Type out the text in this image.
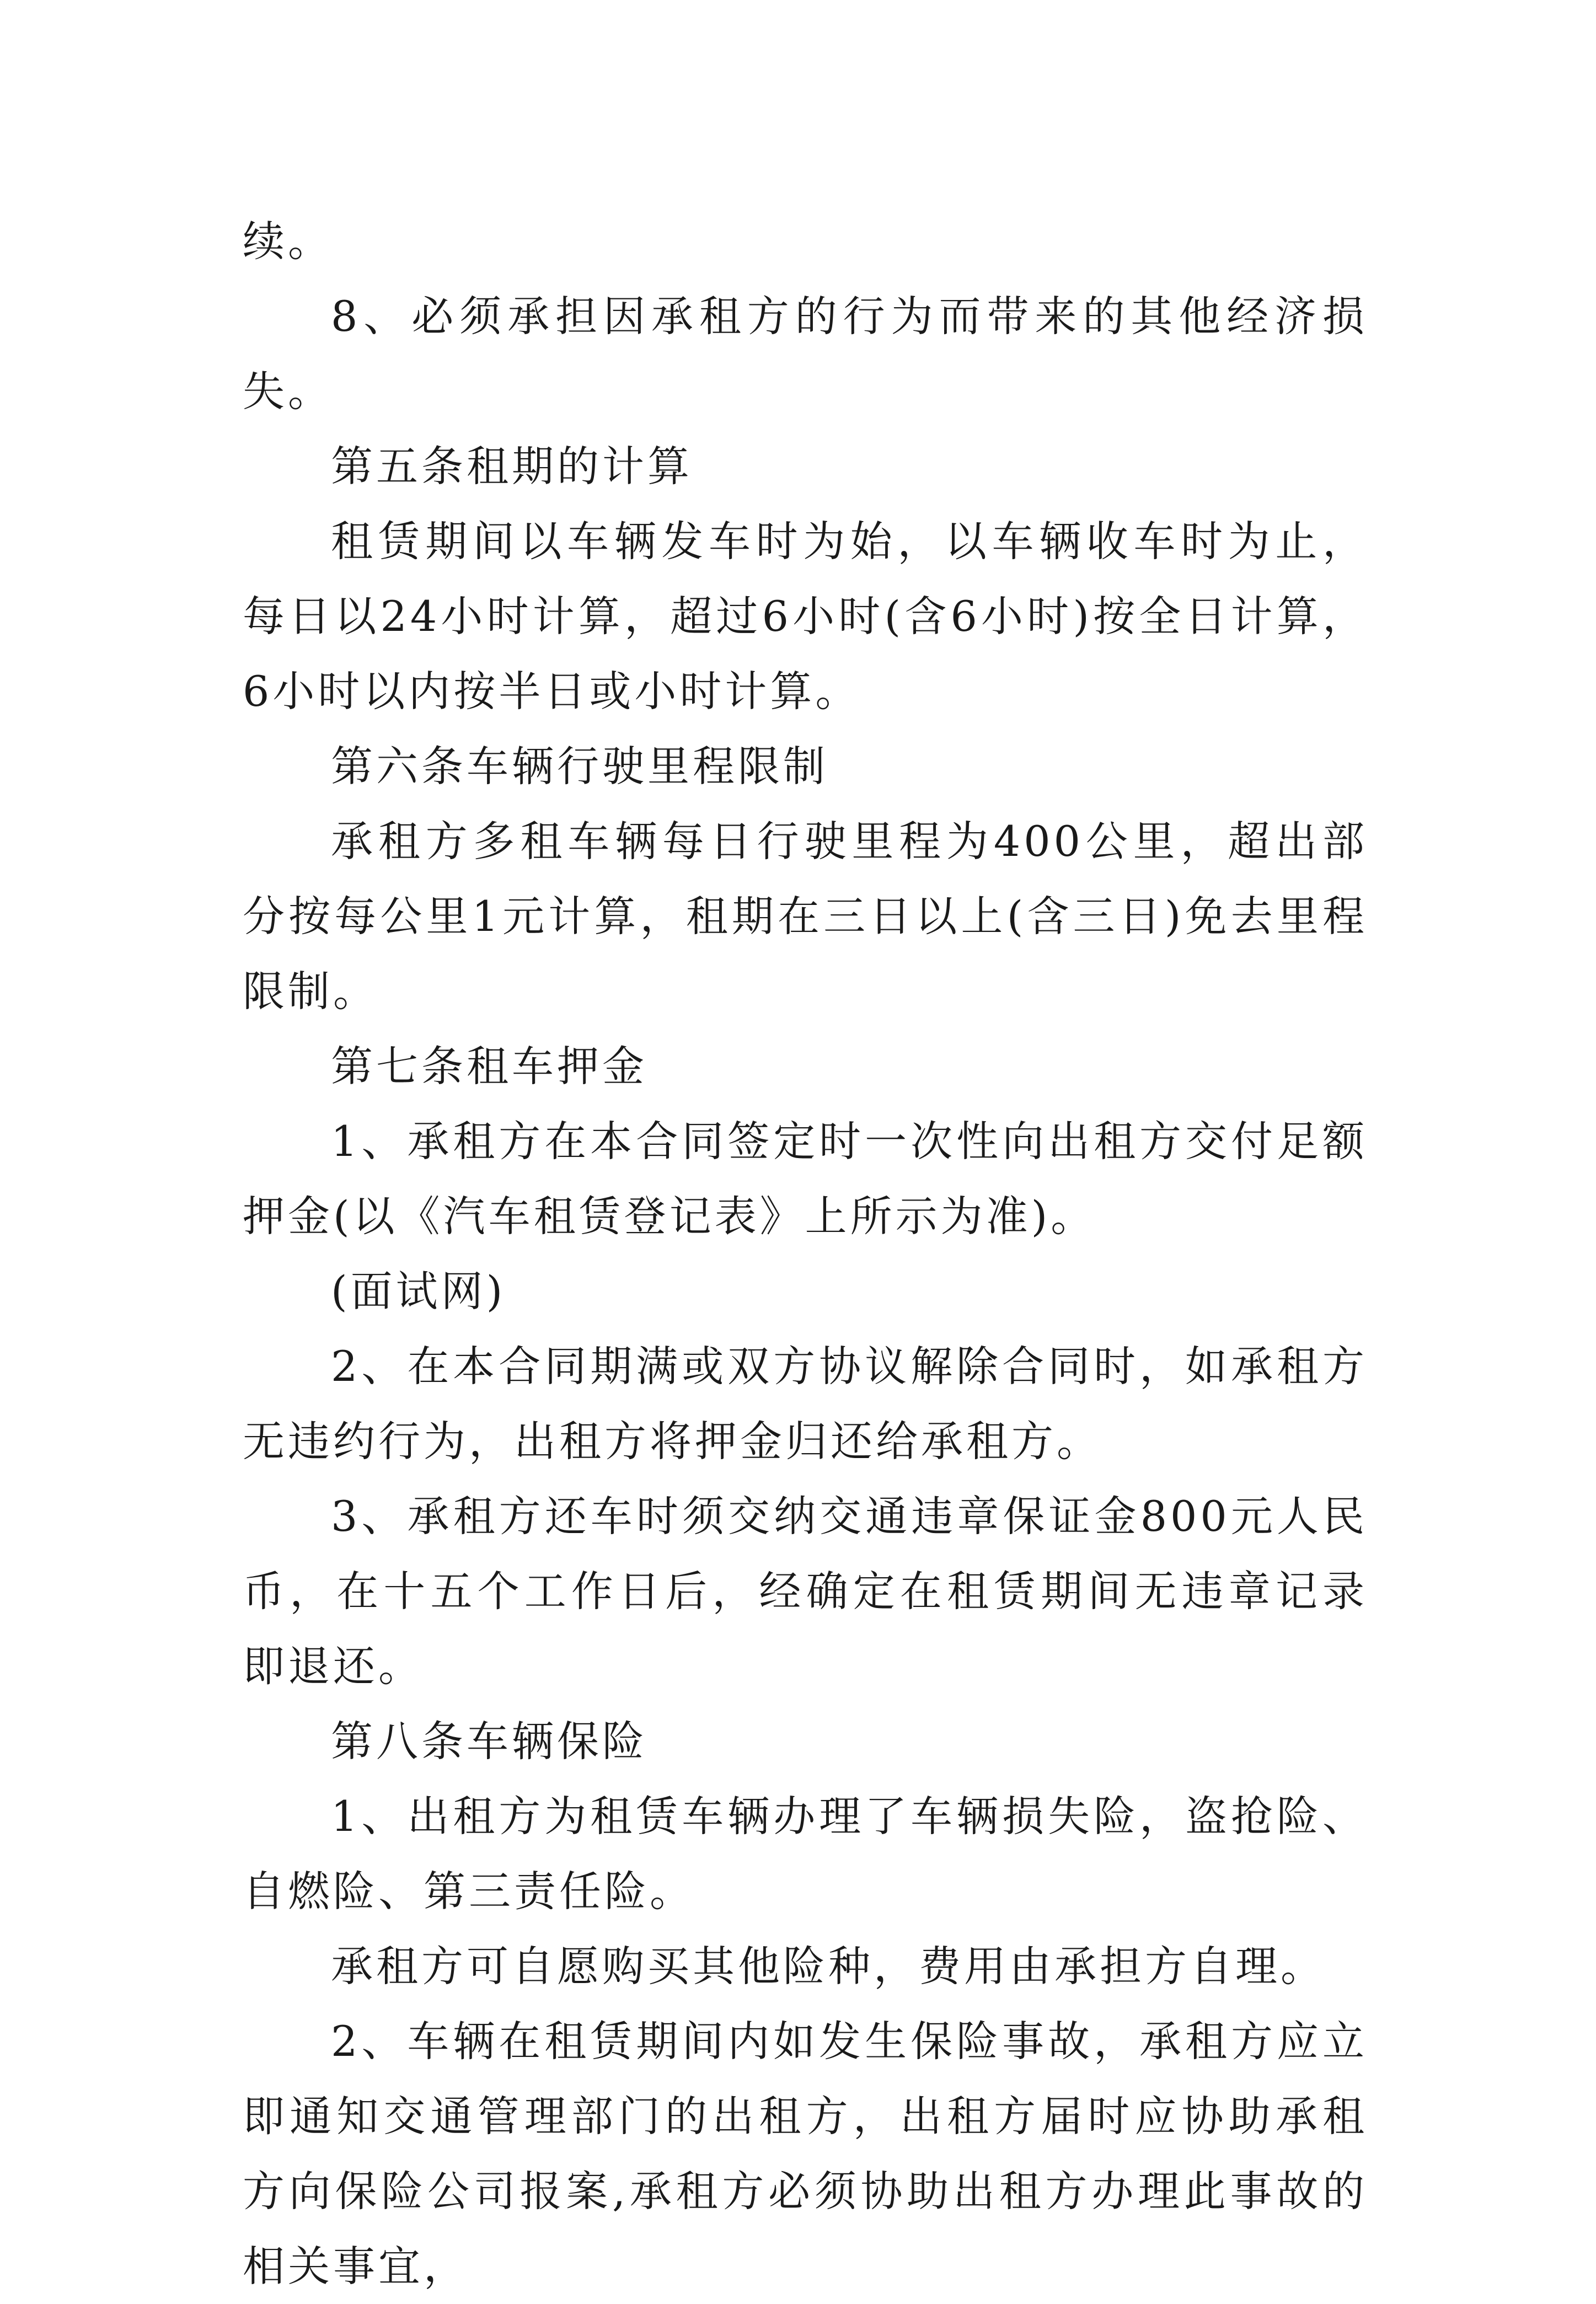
续。

8、必须承担因承租方的行为而带来的其他经济损失。

第五条租期的计算

租赁期间以车辆发车时为始，以车辆收车时为止，每日以24小时计算，超过6小时(含6小时)按全日计算，6小时以内按半日或小时计算。

第六条车辆行驶里程限制

承租方多租车辆每日行驶里程为400公里，超出部分按每公里1元计算，租期在三日以上(含三日)免去里程限制。

第七条租车押金

1、承租方在本合同签定时一次性向出租方交付足额押金(以《汽车租赁登记表》上所示为准)。

(面试网)

2、在本合同期满或双方协议解除合同时，如承租方无违约行为，出租方将押金归还给承租方。

3、承租方还车时须交纳交通违章保证金800元人民币，在十五个工作日后，经确定在租赁期间无违章记录即退还。

第八条车辆保险

1、出租方为租赁车辆办理了车辆损失险，盗抢险、自燃险、第三责任险。

承租方可自愿购买其他险种，费用由承担方自理。

2、车辆在租赁期间内如发生保险事故，承租方应立即通知交通管理部门的出租方，出租方届时应协助承租方向保险公司报案,承租方必须协助出租方办理此事故的相关事宜，
